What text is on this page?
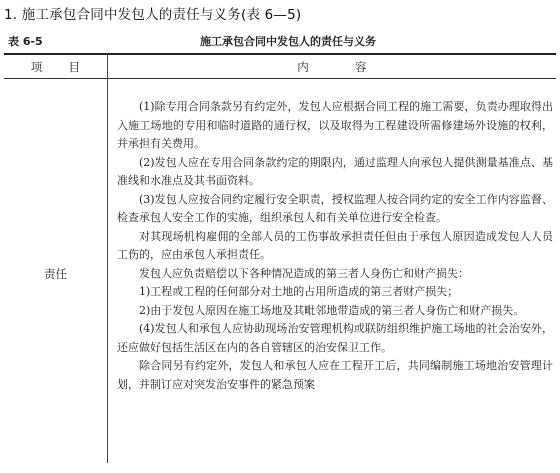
1. 施工承包合同中发包人的责任与义务(表 6—5)
表 6-5	施工承包合同中发包人的责任与义务
项 目	内 容
责任

(1)除专用合同条款另有约定外，发包人应根据合同工程的施工需要，负责办理取得出入施工场地的专用和临时道路的通行权，以及取得为工程建设所需修建场外设施的权利，并承担有关费用。

(2)发包人应在专用合同条款约定的期限内，通过监理人向承包人提供测量基准点、基准线和水准点及其书面资料。

(3)发包人应按合同约定履行安全职责，授权监理人按合同约定的安全工作内容监督、检查承包人安全工作的实施，组织承包人和有关单位进行安全检查。

对其现场机构雇佣的全部人员的工伤事故承担责任但由于承包人原因造成发包人人员工伤的，应由承包人承担责任。

发包人应负责赔偿以下各种情况造成的第三者人身伤亡和财产损失：

1)工程或工程的任何部分对土地的占用所造成的第三者财产损失；

2)由于发包人原因在施工场地及其毗邻地带造成的第三者人身伤亡和财产损失。

(4)发包人和承包人应协助现场治安管理机构或联防组织维护施工场地的社会治安外，还应做好包括生活区在内的各自管辖区的治安保卫工作。

除合同另有约定外，发包人和承包人应在工程开工后，共同编制施工场地治安管理计划，并制订应对突发治安事件的紧急预案
